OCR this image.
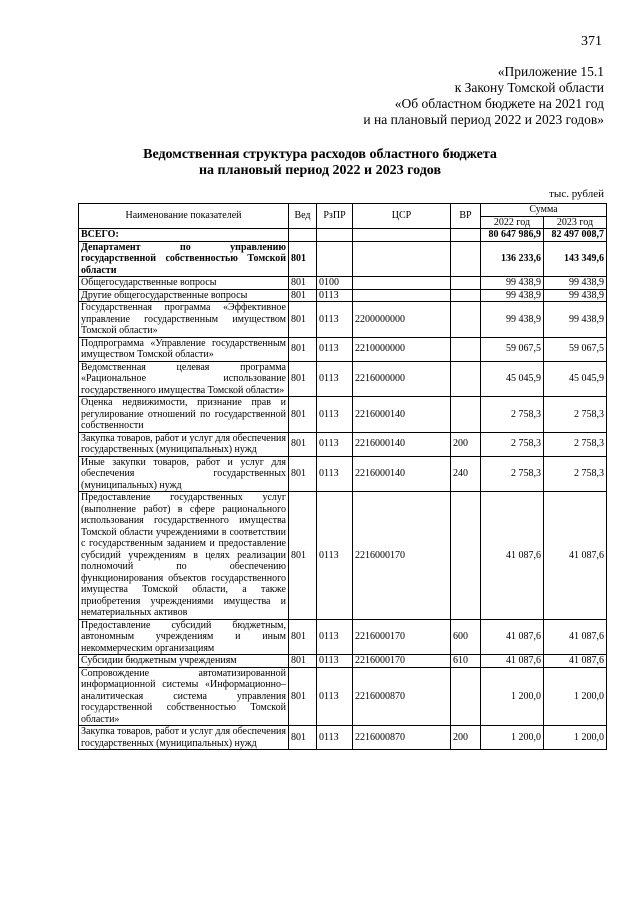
371
«Приложение 15.1
к Закону Томской области
«Об областном бюджете на 2021 год
и на плановый период 2022 и 2023 годов»
Ведомственная структура расходов областного бюджета
на плановый период 2022 и 2023 годов
тыс. рублей
Наименование показателей	Вед	РзПР	ЦСР	ВР	Сумма	
					2022 год	2023 год
ВСЕГО:					80 647 986,9	82 497 008,7
Департамент по управлению государственной собственностью Томской области	801				136 233,6	143 349,6
Общегосударственные вопросы	801	0100			99 438,9	99 438,9
Другие общегосударственные вопросы	801	0113			99 438,9	99 438,9
Государственная программа «Эффективное управление государственным имуществом Томской области»	801	0113	2200000000		99 438,9	99 438,9
Подпрограмма «Управление государственным имуществом Томской области»	801	0113	2210000000		59 067,5	59 067,5
Ведомственная целевая программа «Рациональное использование государственного имущества Томской области»	801	0113	2216000000		45 045,9	45 045,9
Оценка недвижимости, признание прав и регулирование отношений по государственной собственности	801	0113	2216000140		2 758,3	2 758,3
Закупка товаров, работ и услуг для обеспечения государственных (муниципальных) нужд	801	0113	2216000140	200	2 758,3	2 758,3
Иные закупки товаров, работ и услуг для обеспечения государственных (муниципальных) нужд	801	0113	2216000140	240	2 758,3	2 758,3
Предоставление государственных услуг (выполнение работ) в сфере рационального использования государственного имущества Томской области учреждениями в соответствии с государственным заданием и предоставление субсидий учреждениям в целях реализации полномочий по обеспечению функционирования объектов государственного имущества Томской области, а также приобретения учреждениями имущества и нематериальных активов	801	0113	2216000170		41 087,6	41 087,6
Предоставление субсидий бюджетным, автономным учреждениям и иным некоммерческим организациям	801	0113	2216000170	600	41 087,6	41 087,6
Субсидии бюджетным учреждениям	801	0113	2216000170	610	41 087,6	41 087,6
Сопровождение автоматизированной информационной системы «Информационно–аналитическая система управления государственной собственностью Томской области»	801	0113	2216000870		1 200,0	1 200,0
Закупка товаров, работ и услуг для обеспечения государственных (муниципальных) нужд	801	0113	2216000870	200	1 200,0	1 200,0
